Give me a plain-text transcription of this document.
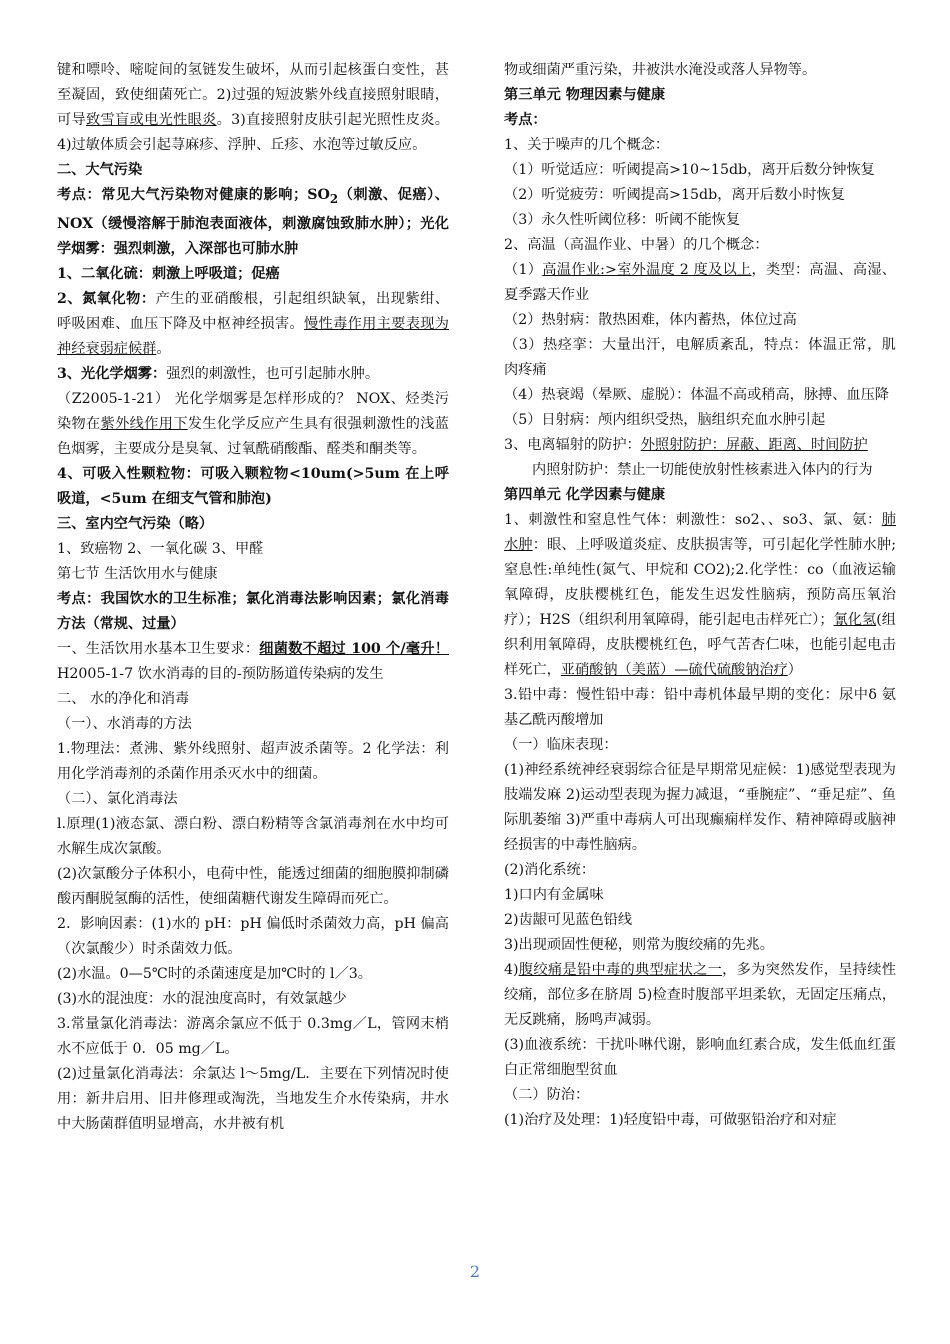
键和嘌呤、嘧啶间的氢链发生破坏，从而引起核蛋白变性，甚至凝固，致使细菌死亡。2)过强的短波紫外线直接照射眼睛，可导致雪盲或电光性眼炎。3)直接照射皮肤引起光照性皮炎。4)过敏体质会引起荨麻疹、浮肿、丘疹、水泡等过敏反应。

二、大气污染

考点：常见大气污染物对健康的影响；$SO_2$（刺激、促癌）、NOX（缓慢溶解于肺泡表面液体，刺激腐蚀致肺水肿）；光化学烟雾：强烈刺激，入深部也可肺水肿

1、二氧化硫：刺激上呼吸道；促癌

2、氮氧化物：产生的亚硝酸根，引起组织缺氧，出现紫绀、呼吸困难、血压下降及中枢神经损害。慢性毒作用主要表现为神经衰弱症候群。

3、光化学烟雾：强烈的刺激性，也可引起肺水肿。

（Z2005-1-21） 光化学烟雾是怎样形成的？ NOX、烃类污染物在紫外线作用下发生化学反应产生具有很强刺激性的浅蓝色烟雾，主要成分是臭氧、过氧酰硝酸酯、醛类和酮类等。

4、可吸入性颗粒物：可吸入颗粒物<10um(>5um 在上呼吸道，<5um 在细支气管和肺泡)

三、室内空气污染（略）

1、致癌物 2、一氧化碳 3、甲醛

第七节 生活饮用水与健康

考点：我国饮水的卫生标准；氯化消毒法影响因素；氯化消毒方法（常规、过量）

一、生活饮用水基本卫生要求：细菌数不超过 100 个/毫升！ H2005-1-7 饮水消毒的目的-预防肠道传染病的发生

二、 水的净化和消毒

（一）、水消毒的方法

1.物理法：煮沸、紫外线照射、超声波杀菌等。2 化学法：利用化学消毒剂的杀菌作用杀灭水中的细菌。

（二）、氯化消毒法

l.原理(1)液态氯、漂白粉、漂白粉精等含氯消毒剂在水中均可水解生成次氯酸。

(2)次氯酸分子体积小，电荷中性，能透过细菌的细胞膜抑制磷酸丙酮脱氢酶的活性，使细菌糖代谢发生障碍而死亡。

2．影响因素：(1)水的 pH：pH 偏低时杀菌效力高，pH 偏高（次氯酸少）时杀菌效力低。

(2)水温。0—5℃时的杀菌速度是加℃时的 l／3。

(3)水的混浊度：水的混浊度高时，有效氯越少

3.常量氯化消毒法：游离余氯应不低于 0.3mg／L，管网末梢水不应低于 0．05 mg／L。

(2)过量氯化消毒法：余氯达 l～5mg/L．主要在下列情况时使用：新井启用、旧井修理或淘洗，当地发生介水传染病，井水中大肠菌群值明显增高，水井被有机

物或细菌严重污染，井被洪水淹没或落人异物等。

第三单元 物理因素与健康

考点：

1、关于噪声的几个概念：

（1）听觉适应：听阈提高>10~15db，离开后数分钟恢复

（2）听觉疲劳：听阈提高>15db，离开后数小时恢复

（3）永久性听阈位移：听阈不能恢复

2、高温（高温作业、中暑）的几个概念：

（1）高温作业:>室外温度 2 度及以上，类型：高温、高湿、夏季露天作业

（2）热射病：散热困难，体内蓄热，体位过高

（3）热痉挛：大量出汗，电解质紊乱，特点：体温正常，肌肉疼痛

（4）热衰竭（晕厥、虚脱）：体温不高或稍高，脉搏、血压降

（5）日射病：颅内组织受热，脑组织充血水肿引起

3、电离辐射的防护：外照射防护：屏蔽、距离、时间防护

内照射防护：禁止一切能使放射性核素进入体内的行为

第四单元 化学因素与健康

1、刺激性和窒息性气体：刺激性：so2、、so3、氯、氨：肺水肿：眼、上呼吸道炎症、皮肤损害等，可引起化学性肺水肿;窒息性:单纯性(氮气、甲烷和 CO2);2.化学性：co（血液运输氧障碍，皮肤樱桃红色，能发生迟发性脑病，预防高压氧治疗）；H2S（组织利用氧障碍，能引起电击样死亡）；氰化氢(组织利用氧障碍，皮肤樱桃红色，呼气苦杏仁味，也能引起电击样死亡，亚硝酸钠（美蓝）—硫代硫酸钠治疗）

3.铅中毒：慢性铅中毒：铅中毒机体最早期的变化：尿中δ 氨基乙酰丙酸增加

（一）临床表现：

(1)神经系统神经衰弱综合征是早期常见症候：1)感觉型表现为肢端发麻 2)运动型表现为握力减退，“垂腕症”、“垂足症”、鱼际肌萎缩 3)严重中毒病人可出现癫痫样发作、精神障碍或脑神经损害的中毒性脑病。

(2)消化系统：

1)口内有金属味

2)齿龈可见蓝色铅线

3)出现顽固性便秘，则常为腹绞痛的先兆。

4)腹绞痛是铅中毒的典型症状之一，多为突然发作，呈持续性绞痛，部位多在脐周 5)检查时腹部平坦柔软，无固定压痛点，无反跳痛，肠鸣声减弱。

(3)血液系统：干扰卟啉代谢，影响血红素合成，发生低血红蛋白正常细胞型贫血

（二）防治：

(1)治疗及处理：1)轻度铅中毒，可做驱铅治疗和对症

2
